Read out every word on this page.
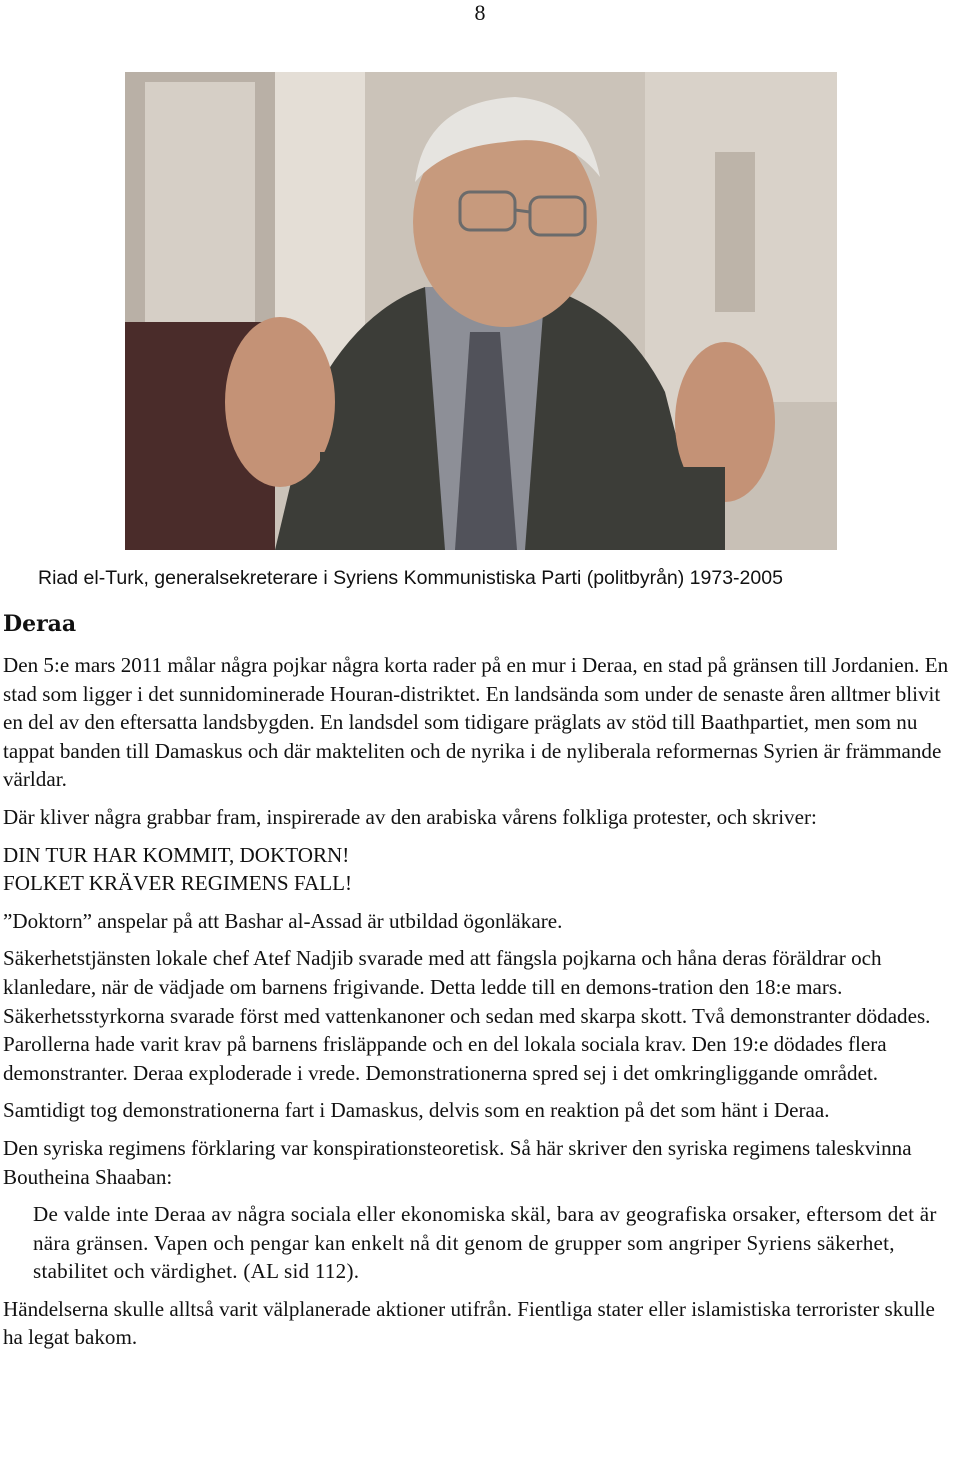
8
Riad el-Turk, generalsekreterare i Syriens Kommunistiska Parti (politbyrån) 1973-2005
Deraa

Den 5:e mars 2011 målar några pojkar några korta rader på en mur i Deraa, en stad på gränsen till Jordanien. En stad som ligger i det sunnidominerade Houran-distriktet. En landsända som under de senaste åren alltmer blivit en del av den eftersatta landsbygden. En landsdel som tidigare präglats av stöd till Baathpartiet, men som nu tappat banden till Damaskus och där makteliten och de nyrika i de nyliberala reformernas Syrien är främmande världar.

Där kliver några grabbar fram, inspirerade av den arabiska vårens folkliga protester, och skriver:

DIN TUR HAR KOMMIT, DOKTORN!

FOLKET KRÄVER REGIMENS FALL!

”Doktorn” anspelar på att Bashar al-Assad är utbildad ögonläkare.

Säkerhetstjänsten lokale chef Atef Nadjib svarade med att fängsla pojkarna och håna deras föräldrar och klanledare, när de vädjade om barnens frigivande. Detta ledde till en demons-tration den 18:e mars. Säkerhetsstyrkorna svarade först med vattenkanoner och sedan med skarpa skott. Två demonstranter dödades. Parollerna hade varit krav på barnens frisläppande och en del lokala sociala krav. Den 19:e dödades flera demonstranter. Deraa exploderade i vrede. Demonstrationerna spred sej i det omkringliggande området.

Samtidigt tog demonstrationerna fart i Damaskus, delvis som en reaktion på det som hänt i Deraa.

Den syriska regimens förklaring var konspirationsteoretisk. Så här skriver den syriska regimens taleskvinna Boutheina Shaaban:

De valde inte Deraa av några sociala eller ekonomiska skäl, bara av geografiska orsaker, eftersom det är nära gränsen. Vapen och pengar kan enkelt nå dit genom de grupper som angriper Syriens säkerhet, stabilitet och värdighet. (AL sid 112).

Händelserna skulle alltså varit välplanerade aktioner utifrån. Fientliga stater eller islamistiska terrorister skulle ha legat bakom.
